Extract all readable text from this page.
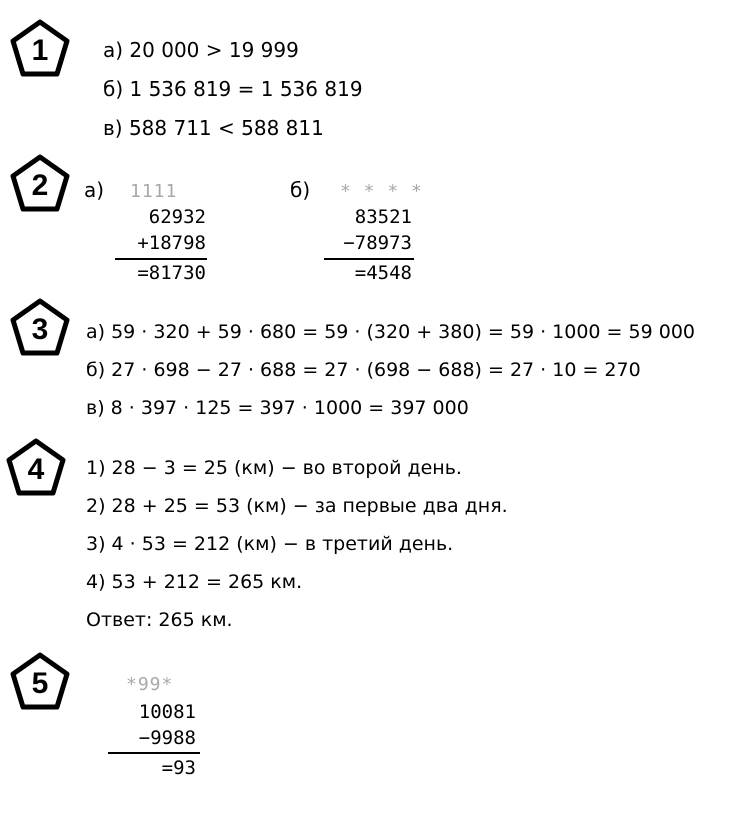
1	а) 20 000 > 19 999
б) 1 536 819 = 1 536 819
в) 588 711 < 588 811
2	а) 1111
62932
+18798
=81730
б) * * * *
83521
−78973
=4548
3	а) 59 · 320 + 59 · 680 = 59 · (320 + 380) = 59 · 1000 = 59 000
б) 27 · 698 − 27 · 688 = 27 · (698 − 688) = 27 · 10 = 270
в) 8 · 397 · 125 = 397 · 1000 = 397 000
4	1) 28 − 3 = 25 (км) − во второй день.
2) 28 + 25 = 53 (км) − за первые два дня.
3) 4 · 53 = 212 (км) − в третий день.
4) 53 + 212 = 265 км.
Ответ: 265 км.
5	*99*
10081
−9988
=93
